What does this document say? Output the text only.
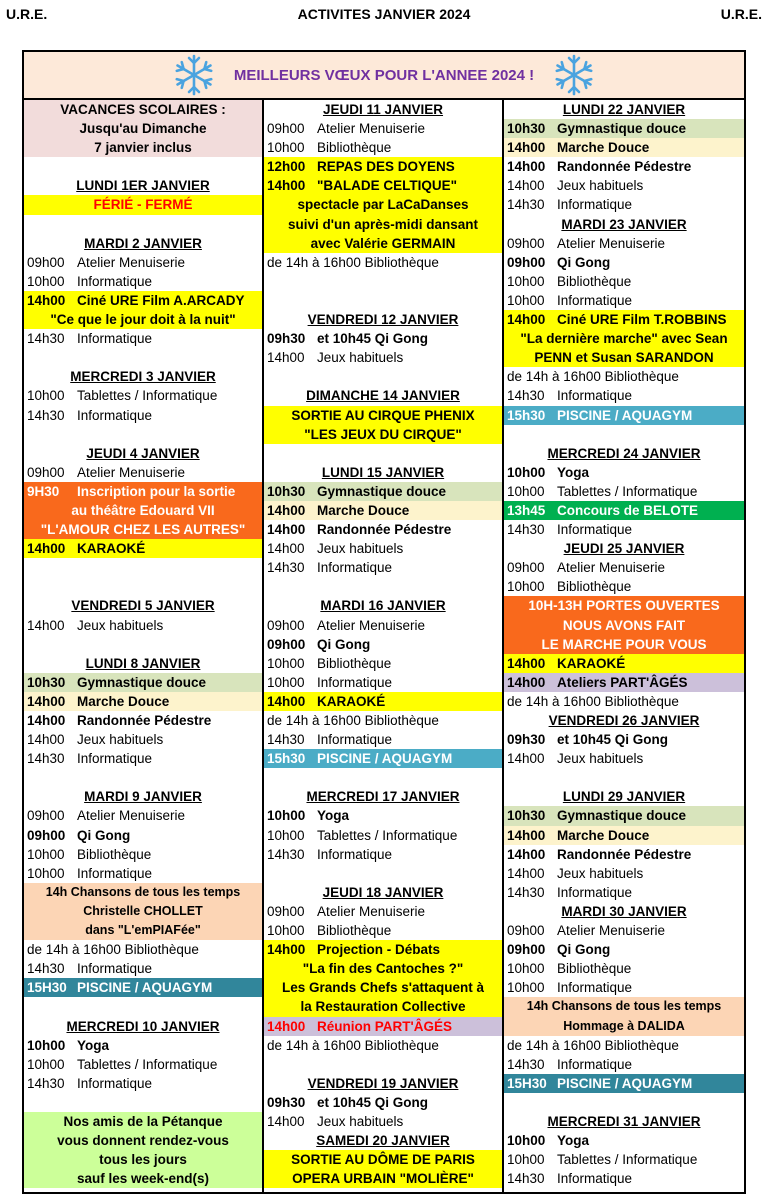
U.R.E.	ACTIVITES JANVIER 2024	U.R.E.
MEILLEURS VŒUX POUR L'ANNEE 2024 !
VACANCES SCOLAIRES :
Jusqu'au Dimanche
7 janvier inclus
LUNDI 1ER JANVIER
FÉRIÉ - FERMÉ
MARDI 2 JANVIER
09h00 Atelier Menuiserie
10h00 Informatique
14h00 Ciné URE Film A.ARCADY
"Ce que le jour doit à la nuit"
14h30 Informatique
MERCREDI 3 JANVIER
10h00 Tablettes / Informatique
14h30 Informatique
JEUDI 4 JANVIER
09h00 Atelier Menuiserie
9H30 Inscription pour la sortie
au théâtre Edouard VII
"L'AMOUR CHEZ LES AUTRES"
14h00 KARAOKÉ
VENDREDI 5 JANVIER
14h00 Jeux habituels
LUNDI 8 JANVIER
10h30 Gymnastique douce
14h00 Marche Douce
14h00 Randonnée Pédestre
14h00 Jeux habituels
14h30 Informatique
MARDI 9 JANVIER
09h00 Atelier Menuiserie
09h00 Qi Gong
10h00 Bibliothèque
10h00 Informatique
14h Chansons de tous les temps
Christelle CHOLLET
dans "L'emPIAFée"
de 14h à 16h00 Bibliothèque
14h30 Informatique
15H30 PISCINE / AQUAGYM
MERCREDI 10 JANVIER
10h00 Yoga
10h00 Tablettes / Informatique
14h30 Informatique
Nos amis de la Pétanque
vous donnent rendez-vous
tous les jours
sauf les week-end(s)
JEUDI 11 JANVIER
09h00 Atelier Menuiserie
10h00 Bibliothèque
12h00 REPAS DES DOYENS
14h00 "BALADE CELTIQUE"
spectacle par LaCaDanses
suivi d'un après-midi dansant
avec Valérie GERMAIN
de 14h à 16h00 Bibliothèque
VENDREDI 12 JANVIER
09h30 et 10h45 Qi Gong
14h00 Jeux habituels
DIMANCHE 14 JANVIER
SORTIE AU CIRQUE PHENIX
"LES JEUX DU CIRQUE"
LUNDI 15 JANVIER
10h30 Gymnastique douce
14h00 Marche Douce
14h00 Randonnée Pédestre
14h00 Jeux habituels
14h30 Informatique
MARDI 16 JANVIER
09h00 Atelier Menuiserie
09h00 Qi Gong
10h00 Bibliothèque
10h00 Informatique
14h00 KARAOKÉ
de 14h à 16h00 Bibliothèque
14h30 Informatique
15h30 PISCINE / AQUAGYM
MERCREDI 17 JANVIER
10h00 Yoga
10h00 Tablettes / Informatique
14h30 Informatique
JEUDI 18 JANVIER
09h00 Atelier Menuiserie
10h00 Bibliothèque
14h00 Projection - Débats
"La fin des Cantoches ?"
Les Grands Chefs s'attaquent à
la Restauration Collective
14h00 Réunion PART'ÂGÉS
de 14h à 16h00 Bibliothèque
VENDREDI 19 JANVIER
09h30 et 10h45 Qi Gong
14h00 Jeux habituels
SAMEDI 20 JANVIER
SORTIE AU DÔME DE PARIS
OPERA URBAIN "MOLIÈRE"
LUNDI 22 JANVIER
10h30 Gymnastique douce
14h00 Marche Douce
14h00 Randonnée Pédestre
14h00 Jeux habituels
14h30 Informatique
MARDI 23 JANVIER
09h00 Atelier Menuiserie
09h00 Qi Gong
10h00 Bibliothèque
10h00 Informatique
14h00 Ciné URE Film T.ROBBINS
"La dernière marche" avec Sean
PENN et Susan SARANDON
de 14h à 16h00 Bibliothèque
14h30 Informatique
15h30 PISCINE / AQUAGYM
MERCREDI 24 JANVIER
10h00 Yoga
10h00 Tablettes / Informatique
13h45 Concours de BELOTE
14h30 Informatique
JEUDI 25 JANVIER
09h00 Atelier Menuiserie
10h00 Bibliothèque
10H-13H PORTES OUVERTES
NOUS AVONS FAIT
LE MARCHE POUR VOUS
14h00 KARAOKÉ
14h00 Ateliers PART'ÂGÉS
de 14h à 16h00 Bibliothèque
VENDREDI 26 JANVIER
09h30 et 10h45 Qi Gong
14h00 Jeux habituels
LUNDI 29 JANVIER
10h30 Gymnastique douce
14h00 Marche Douce
14h00 Randonnée Pédestre
14h00 Jeux habituels
14h30 Informatique
MARDI 30 JANVIER
09h00 Atelier Menuiserie
09h00 Qi Gong
10h00 Bibliothèque
10h00 Informatique
14h Chansons de tous les temps
Hommage à DALIDA
de 14h à 16h00 Bibliothèque
14h30 Informatique
15H30 PISCINE / AQUAGYM
MERCREDI 31 JANVIER
10h00 Yoga
10h00 Tablettes / Informatique
14h30 Informatique
